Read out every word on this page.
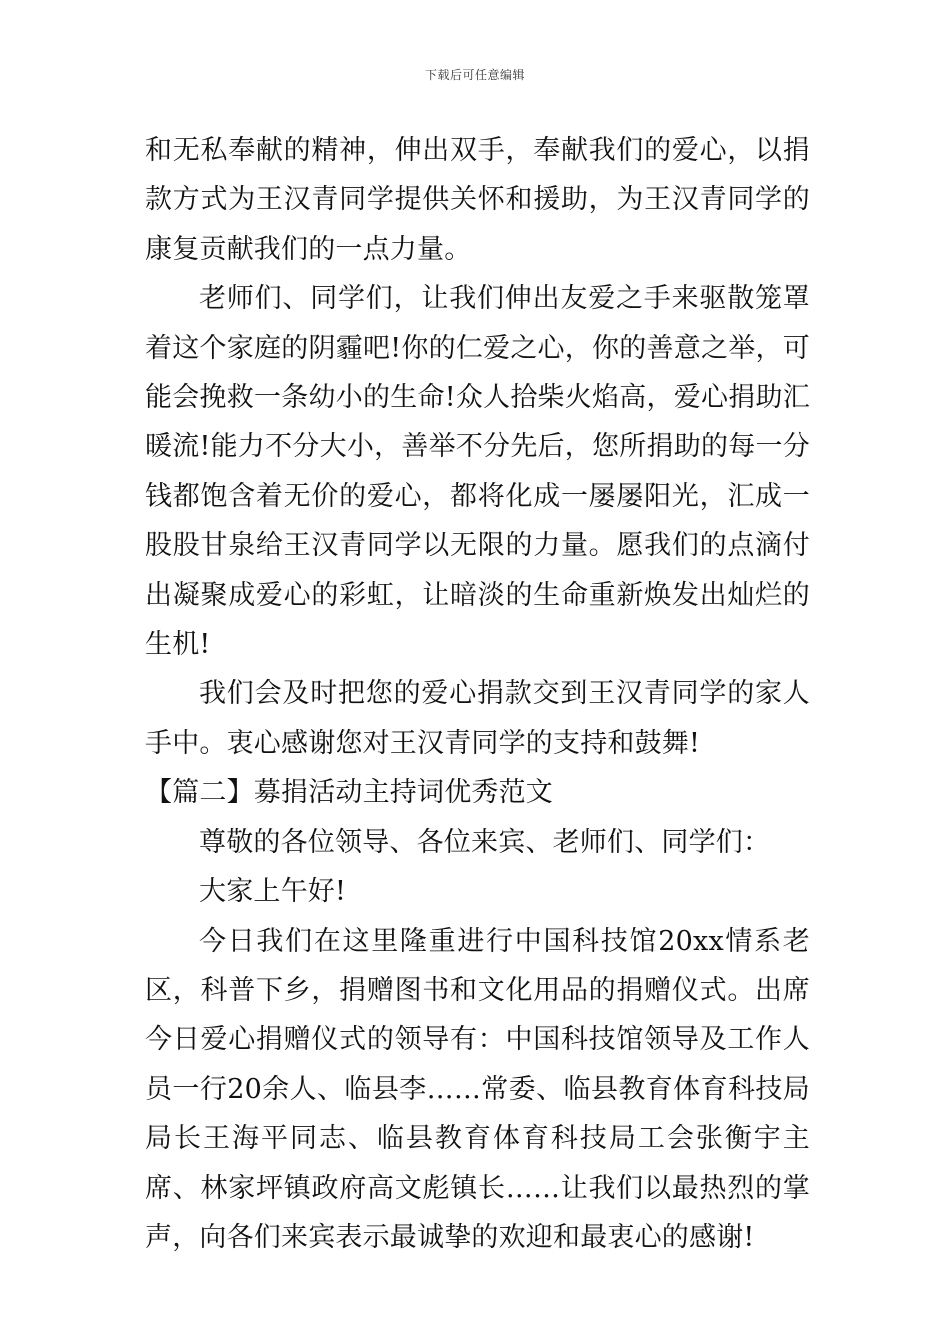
下载后可任意编辑

和无私奉献的精神，伸出双手，奉献我们的爱心，以捐款方式为王汉青同学提供关怀和援助，为王汉青同学的康复贡献我们的一点力量。

老师们、同学们，让我们伸出友爱之手来驱散笼罩着这个家庭的阴霾吧!你的仁爱之心，你的善意之举，可能会挽救一条幼小的生命!众人拾柴火焰高，爱心捐助汇暖流!能力不分大小，善举不分先后，您所捐助的每一分钱都饱含着无价的爱心，都将化成一屡屡阳光，汇成一股股甘泉给王汉青同学以无限的力量。愿我们的点滴付出凝聚成爱心的彩虹，让暗淡的生命重新焕发出灿烂的生机!

我们会及时把您的爱心捐款交到王汉青同学的家人手中。衷心感谢您对王汉青同学的支持和鼓舞!

【篇二】募捐活动主持词优秀范文

尊敬的各位领导、各位来宾、老师们、同学们：

大家上午好!

今日我们在这里隆重进行中国科技馆20xx情系老区，科普下乡，捐赠图书和文化用品的捐赠仪式。出席今日爱心捐赠仪式的领导有：中国科技馆领导及工作人员一行20余人、临县李……常委、临县教育体育科技局局长王海平同志、临县教育体育科技局工会张衡宇主席、林家坪镇政府高文彪镇长……让我们以最热烈的掌声，向各们来宾表示最诚挚的欢迎和最衷心的感谢!
